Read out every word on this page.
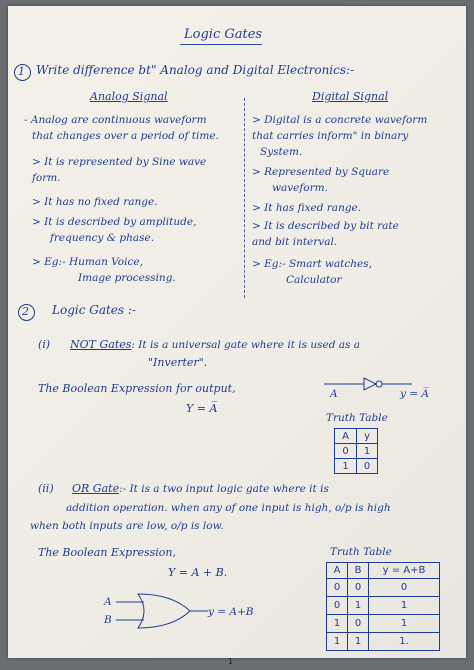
Logic Gates
1 Write difference bt" Analog and Digital Electronics:-
Analog Signal	Digital Signal
- Analog are continuous waveform
that changes over a period of time.
> It is represented by Sine wave
form.
> It has no fixed range.
> It is described by amplitude,
frequency & phase.
> Eg:- Human Voice,
Image processing.
> Digital is a concrete waveform
that carries inform" in binary
System.
> Represented by Square
waveform.
> It has fixed range.
> It is described by bit rate
and bit interval.
> Eg:- Smart watches,
Calculator
2 Logic Gates :-
(i) NOT Gates: It is a universal gate where it is used as a
"Inverter".
The Boolean Expression for output,
Y = A̅
A	y = A̅
Truth Table
A	y
0	1
1	0
(ii) OR Gate:- It is a two input logic gate where it is
addition operation. when any of one input is high, o/p is high
when both inputs are low, o/p is low.
The Boolean Expression,
Y = A + B.
A
B
y = A+B
Truth Table
A	B	y = A+B
0	0	0
0	1	1
1	0	1
1	1	1.
1
